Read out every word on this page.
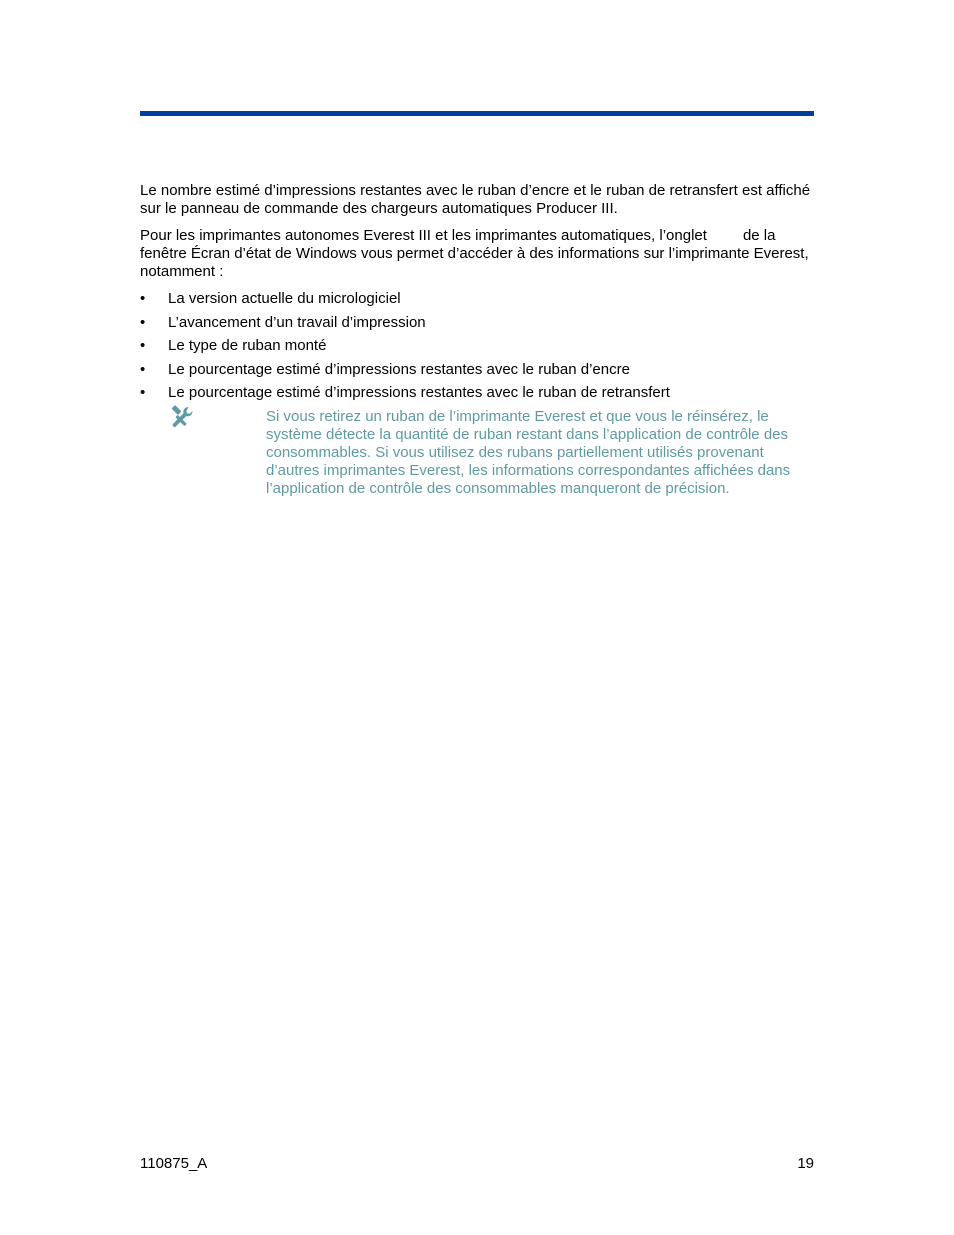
Le nombre estimé d’impressions restantes avec le ruban d’encre et le ruban de retransfert est affiché sur le panneau de commande des chargeurs automatiques Producer III.

Pour les imprimantes autonomes Everest III et les imprimantes automatiques, l’onglet de la fenêtre Écran d’état de Windows vous permet d’accéder à des informations sur l’imprimante Everest, notamment :

• La version actuelle du micrologiciel
• L’avancement d’un travail d’impression
• Le type de ruban monté
• Le pourcentage estimé d’impressions restantes avec le ruban d’encre
• Le pourcentage estimé d’impressions restantes avec le ruban de retransfert
Si vous retirez un ruban de l’imprimante Everest et que vous le réinsérez, le système détecte la quantité de ruban restant dans l’application de contrôle des consommables. Si vous utilisez des rubans partiellement utilisés provenant d’autres imprimantes Everest, les informations correspondantes affichées dans l’application de contrôle des consommables manqueront de précision.
110875_A	19
